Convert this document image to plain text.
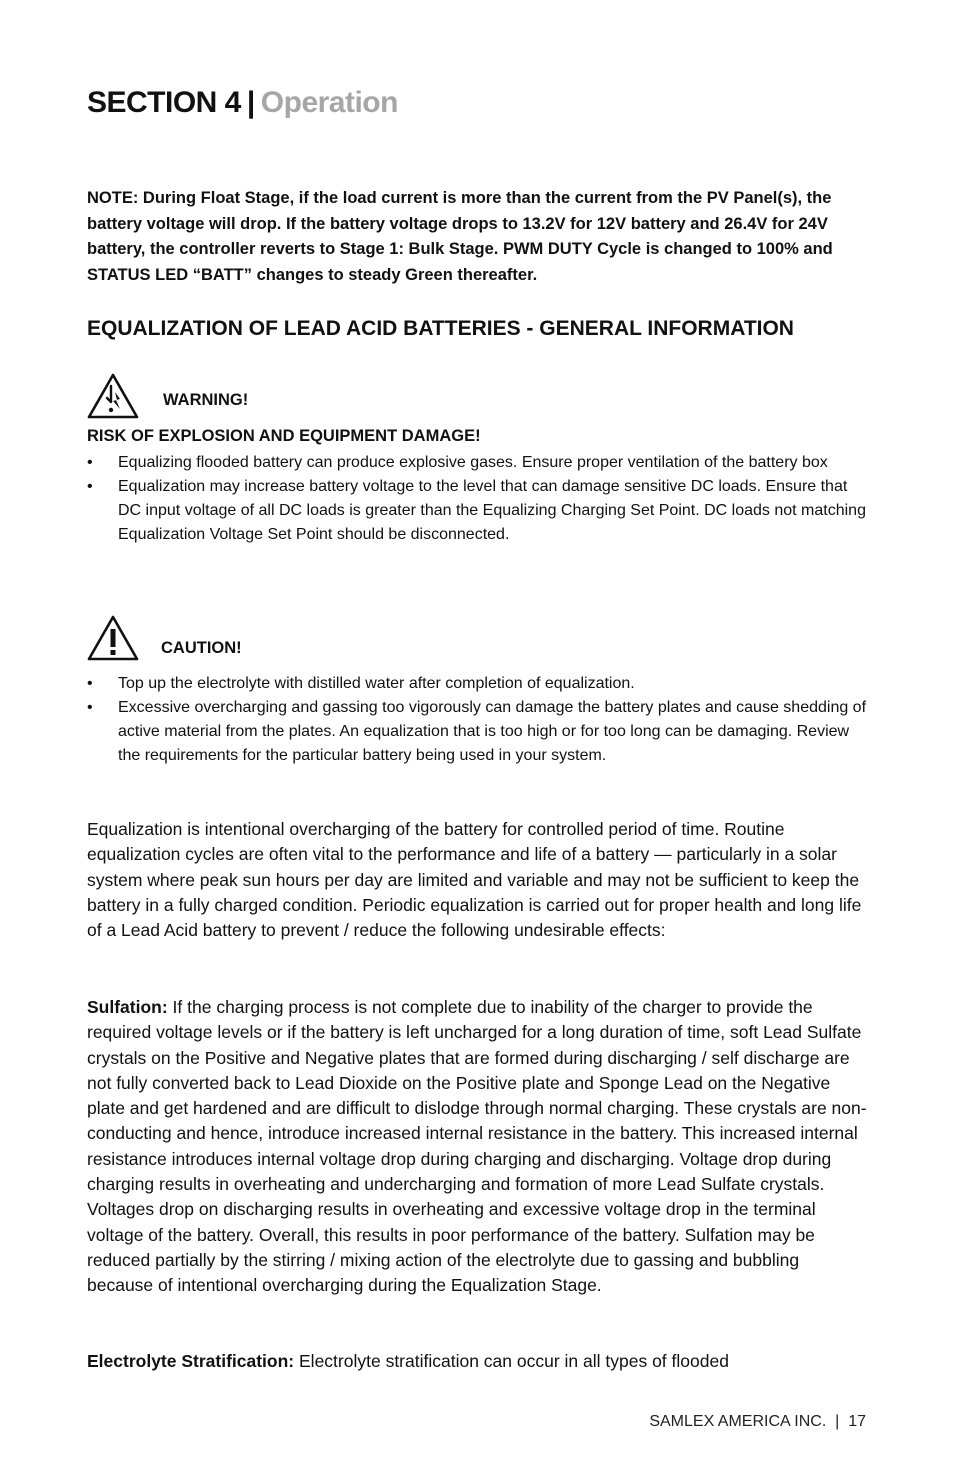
SECTION 4 | Operation

NOTE: During Float Stage, if the load current is more than the current from the PV Panel(s), the battery voltage will drop. If the battery voltage drops to 13.2V for 12V battery and 26.4V for 24V battery, the controller reverts to Stage 1: Bulk Stage. PWM DUTY Cycle is changed to 100% and STATUS LED “BATT” changes to steady Green thereafter.

EQUALIZATION OF LEAD ACID BATTERIES - GENERAL INFORMATION
WARNING!
RISK OF EXPLOSION AND EQUIPMENT DAMAGE!
• Equalizing flooded battery can produce explosive gases. Ensure proper ventilation of the battery box
• Equalization may increase battery voltage to the level that can damage sensitive DC loads. Ensure that DC input voltage of all DC loads is greater than the Equalizing Charging Set Point. DC loads not matching Equalization Voltage Set Point should be disconnected.
CAUTION!
• Top up the electrolyte with distilled water after completion of equalization.
• Excessive overcharging and gassing too vigorously can damage the battery plates and cause shedding of active material from the plates. An equalization that is too high or for too long can be damaging. Review the requirements for the particular battery being used in your system.

Equalization is intentional overcharging of the battery for controlled period of time. Routine equalization cycles are often vital to the performance and life of a battery — particularly in a solar system where peak sun hours per day are limited and variable and may not be sufficient to keep the battery in a fully charged condition. Periodic equalization is carried out for proper health and long life of a Lead Acid battery to prevent / reduce the following undesirable effects:

Sulfation: If the charging process is not complete due to inability of the charger to provide the required voltage levels or if the battery is left uncharged for a long duration of time, soft Lead Sulfate crystals on the Positive and Negative plates that are formed during discharging / self discharge are not fully converted back to Lead Dioxide on the Positive plate and Sponge Lead on the Negative plate and get hardened and are difficult to dislodge through normal charging. These crystals are non-conducting and hence, introduce increased internal resistance in the battery. This increased internal resistance introduces internal voltage drop during charging and discharging. Voltage drop during charging results in overheating and undercharging and formation of more Lead Sulfate crystals. Voltages drop on discharging results in overheating and excessive voltage drop in the terminal voltage of the battery. Overall, this results in poor performance of the battery. Sulfation may be reduced partially by the stirring / mixing action of the electrolyte due to gassing and bubbling because of intentional overcharging during the Equalization Stage.

Electrolyte Stratification: Electrolyte stratification can occur in all types of flooded

SAMLEX AMERICA INC. | 17
